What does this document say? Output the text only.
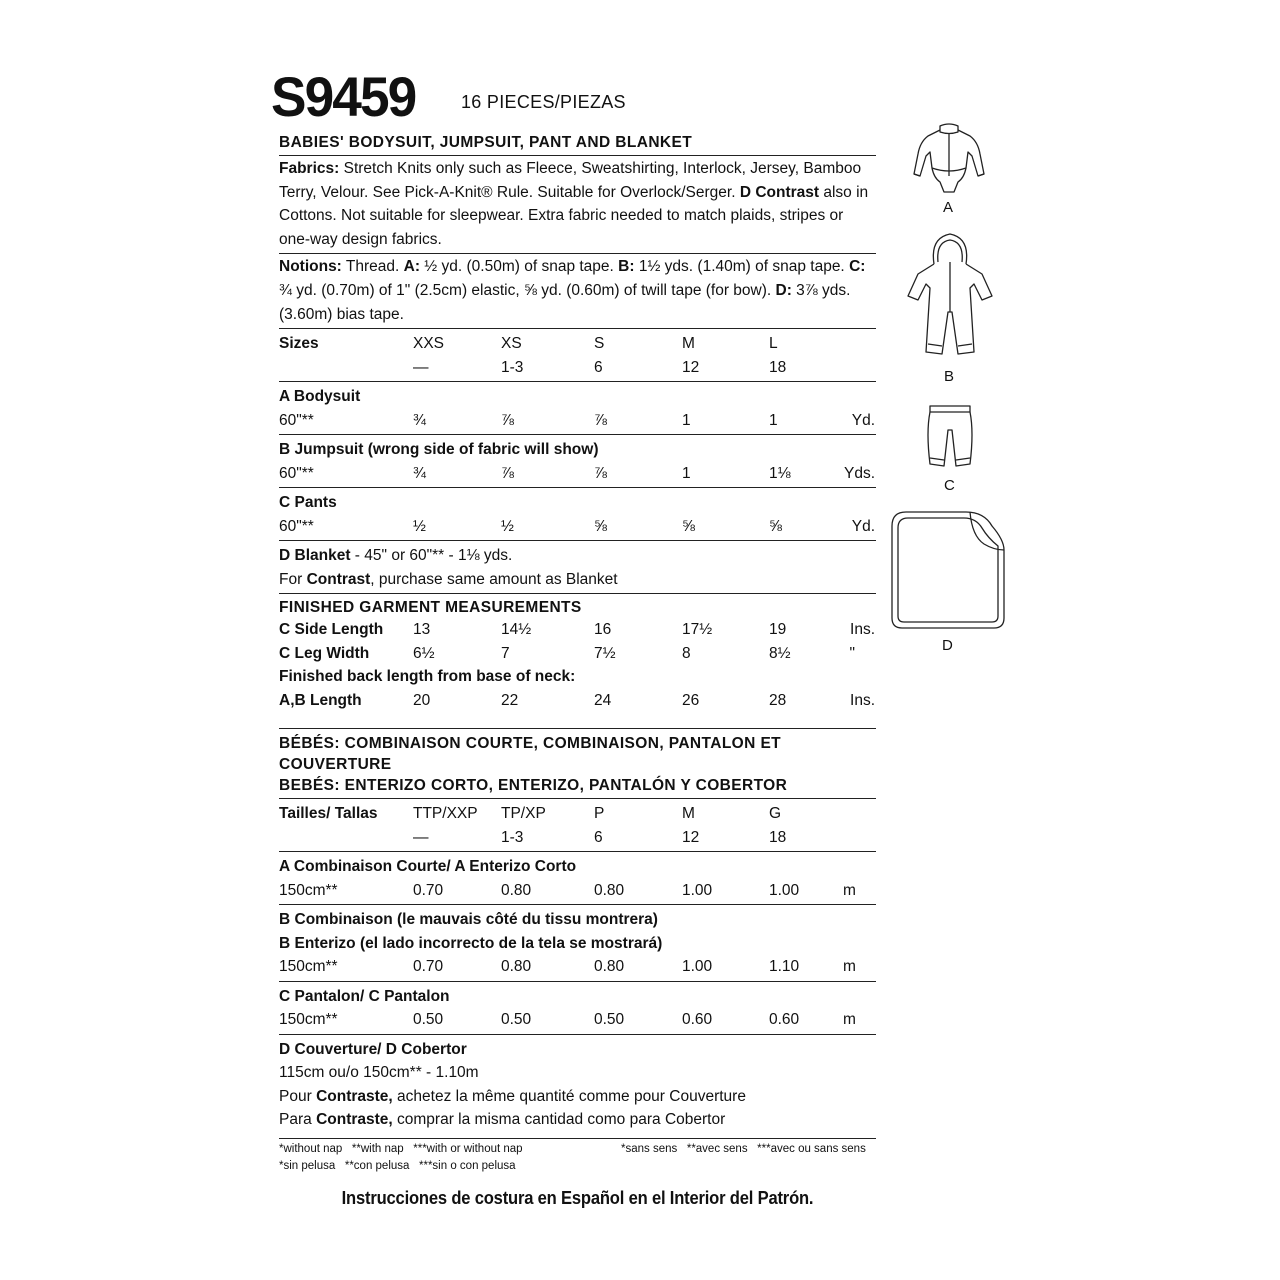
S9459	16 PIECES/PIEZAS
BABIES' BODYSUIT, JUMPSUIT, PANT AND BLANKET
Fabrics: Stretch Knits only such as Fleece, Sweatshirting, Interlock, Jersey, Bamboo Terry, Velour. See Pick-A-Knit® Rule. Suitable for Overlock/Serger. D Contrast also in Cottons. Not suitable for sleepwear. Extra fabric needed to match plaids, stripes or one-way design fabrics.
Notions: Thread. A: ½ yd. (0.50m) of snap tape. B: 1½ yds. (1.40m) of snap tape. C: ¾ yd. (0.70m) of 1" (2.5cm) elastic, ⅝ yd. (0.60m) of twill tape (for bow). D: 3⅞ yds. (3.60m) bias tape.
Sizes	XXS	XS	S	M	L
—	1-3	6	12	18
A Bodysuit
60"**	¾	⅞	⅞	1	1	Yd.
B Jumpsuit (wrong side of fabric will show)
60"**	¾	⅞	⅞	1	1⅛	Yds.
C Pants
60"**	½	½	⅝	⅝	⅝	Yd.
D Blanket - 45" or 60"** - 1⅛ yds.
For Contrast, purchase same amount as Blanket
FINISHED GARMENT MEASUREMENTS
C Side Length	13	14½	16	17½	19	Ins.
C Leg Width	6½	7	7½	8	8½	"
Finished back length from base of neck:
A,B Length	20	22	24	26	28	Ins.
BÉBÉS: COMBINAISON COURTE, COMBINAISON, PANTALON ET COUVERTURE
BEBÉS: ENTERIZO CORTO, ENTERIZO, PANTALÓN Y COBERTOR
Tailles/ Tallas	TTP/XXP	TP/XP	P	M	G
—	1-3	6	12	18
A Combinaison Courte/ A Enterizo Corto
150cm**	0.70	0.80	0.80	1.00	1.00	m
B Combinaison (le mauvais côté du tissu montrera)
B Enterizo (el lado incorrecto de la tela se mostrará)
150cm**	0.70	0.80	0.80	1.00	1.10	m
C Pantalon/ C Pantalon
150cm**	0.50	0.50	0.50	0.60	0.60	m
D Couverture/ D Cobertor
115cm ou/o 150cm** - 1.10m
Pour Contraste, achetez la même quantité comme pour Couverture
Para Contraste, comprar la misma cantidad como para Cobertor
*without nap   **with nap   ***with or without nap	*sans sens   **avec sens   ***avec ou sans sens
*sin pelusa   **con pelusa   ***sin o con pelusa
Instrucciones de costura en Español en el Interior del Patrón.
A
B
C
D
